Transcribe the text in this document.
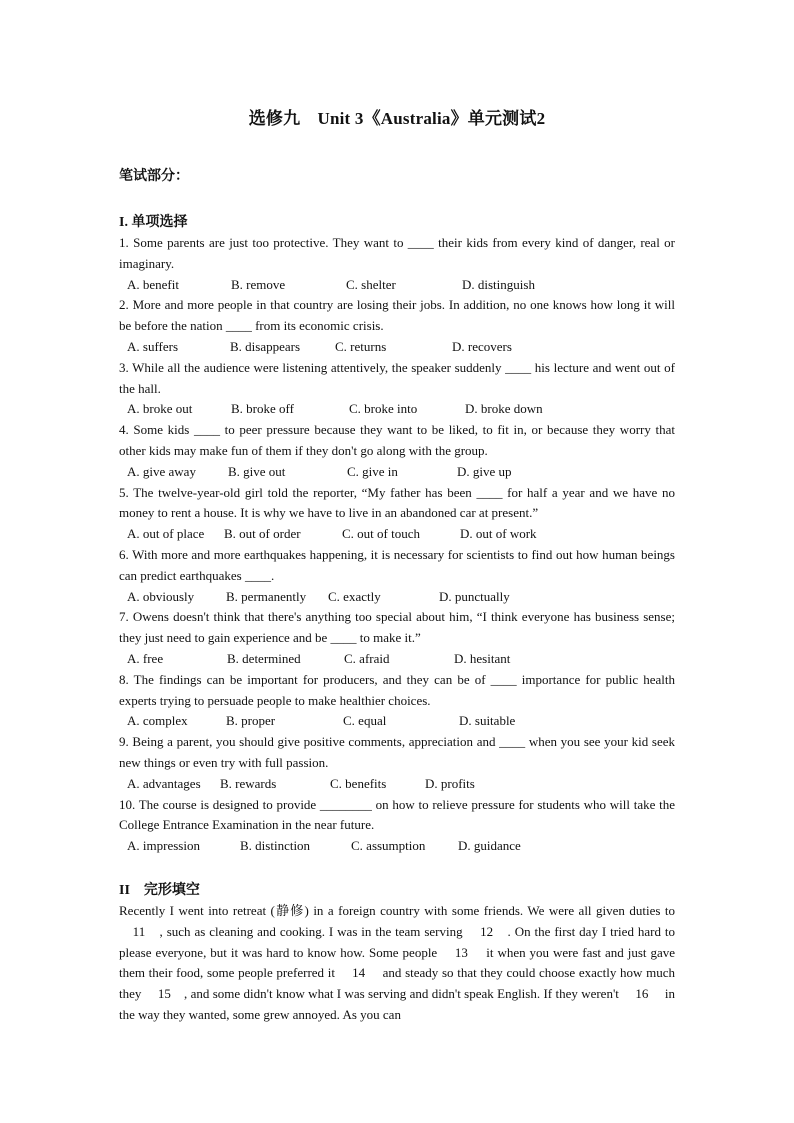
选修九　Unit 3《Australia》单元测试2

笔试部分：

I. 单项选择

1. Some parents are just too protective. They want to ____ their kids from every kind of danger, real or imaginary.

A. benefit	B. remove	C. shelter	D. distinguish

2. More and more people in that country are losing their jobs. In addition, no one knows how long it will be before the nation ____ from its economic crisis.

A. suffers	B. disappears	C. returns	D. recovers

3. While all the audience were listening attentively, the speaker suddenly ____ his lecture and went out of the hall.

A. broke out	B. broke off	C. broke into	D. broke down

4. Some kids ____ to peer pressure because they want to be liked, to fit in, or because they worry that other kids may make fun of them if they don't go along with the group.

A. give away	B. give out	C. give in	D. give up

5. The twelve-year-old girl told the reporter, “My father has been ____ for half a year and we have no money to rent a house. It is why we have to live in an abandoned car at present.”

A. out of place	B. out of order	C. out of touch	D. out of work

6. With more and more earthquakes happening, it is necessary for scientists to find out how human beings can predict earthquakes ____.

A. obviously	B. permanently	C. exactly	D. punctually

7. Owens doesn't think that there's anything too special about him, “I think everyone has business sense; they just need to gain experience and be ____ to make it.”

A. free	B. determined	C. afraid	D. hesitant

8. The findings can be important for producers, and they can be of ____ importance for public health experts trying to persuade people to make healthier choices.

A. complex	B. proper	C. equal	D. suitable

9. Being a parent, you should give positive comments, appreciation and ____ when you see your kid seek new things or even try with full passion.

A. advantages	B. rewards	C. benefits	D. profits

10. The course is designed to provide ________ on how to relieve pressure for students who will take the College Entrance Examination in the near future.

A. impression	B. distinction	C. assumption	D. guidance

II　完形填空

Recently I went into retreat (静修) in a foreign country with some friends. We were all given duties to 　11　, such as cleaning and cooking. I was in the team serving 　12　. On the first day I tried hard to please everyone, but it was hard to know how. Some people 　13　 it when you were fast and just gave them their food, some people preferred it 　14　 and steady so that they could choose exactly how much they 　15　, and some didn't know what I was serving and didn't speak English. If they weren't 　16　 in the way they wanted, some grew annoyed. As you can
